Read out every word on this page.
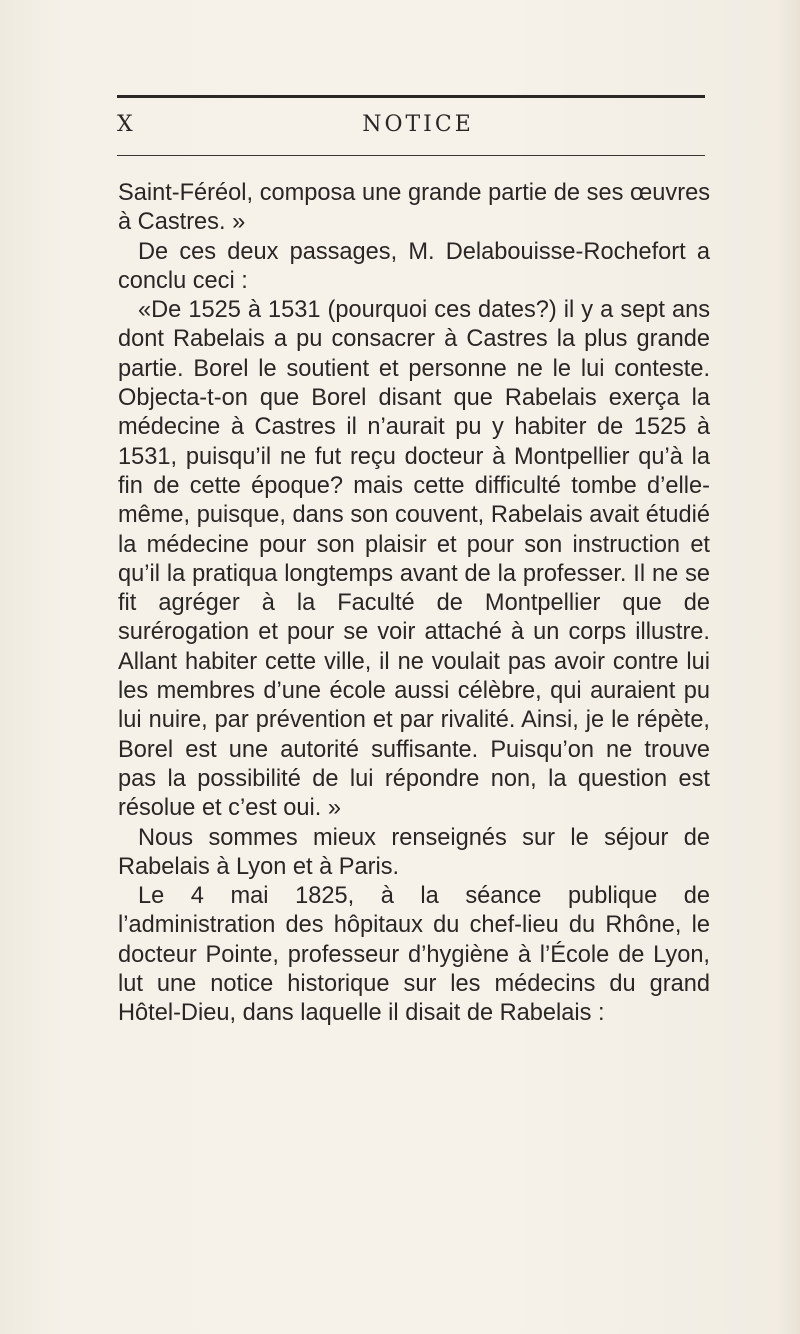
X	NOTICE

Saint-Féréol, composa une grande partie de ses œuvres à Castres. »

De ces deux passages, M. Delabouisse-Rochefort a conclu ceci :

«De 1525 à 1531 (pourquoi ces dates?) il y a sept ans dont Rabelais a pu consacrer à Castres la plus grande partie. Borel le soutient et personne ne le lui conteste. Objecta-t-on que Borel disant que Rabelais exerça la médecine à Castres il n’aurait pu y habiter de 1525 à 1531, puisqu’il ne fut reçu docteur à Montpellier qu’à la fin de cette époque? mais cette difficulté tombe d’elle-même, puisque, dans son couvent, Rabelais avait étudié la médecine pour son plaisir et pour son instruction et qu’il la pratiqua longtemps avant de la professer. Il ne se fit agréger à la Faculté de Montpellier que de surérogation et pour se voir attaché à un corps illustre. Allant habiter cette ville, il ne voulait pas avoir contre lui les membres d’une école aussi célèbre, qui auraient pu lui nuire, par prévention et par rivalité. Ainsi, je le répète, Borel est une autorité suffisante. Puisqu’on ne trouve pas la possibilité de lui répondre non, la question est résolue et c’est oui. »

Nous sommes mieux renseignés sur le séjour de Rabelais à Lyon et à Paris.

Le 4 mai 1825, à la séance publique de l’administration des hôpitaux du chef-lieu du Rhône, le docteur Pointe, professeur d’hygiène à l’École de Lyon, lut une notice historique sur les médecins du grand Hôtel-Dieu, dans laquelle il disait de Rabelais :
